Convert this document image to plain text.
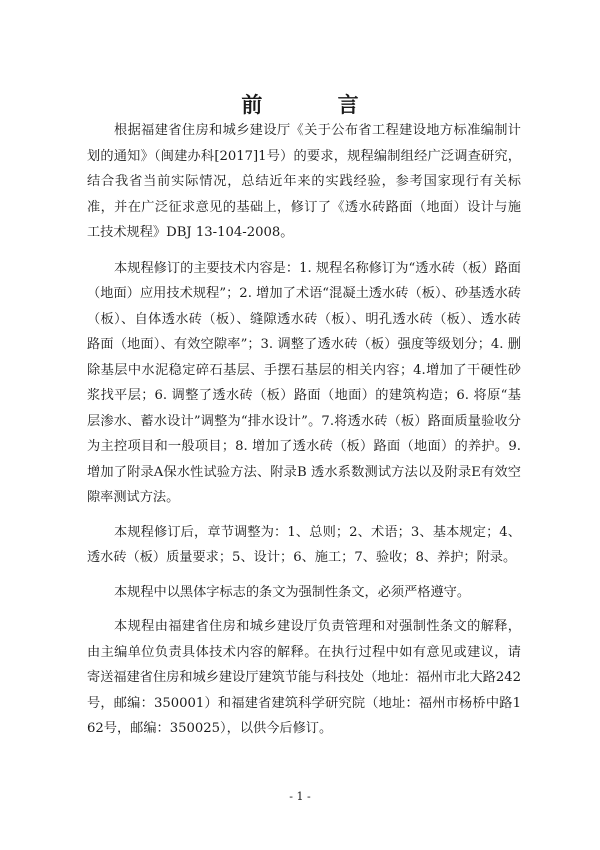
前 言

根据福建省住房和城乡建设厅《关于公布省工程建设地方标准编制计划的通知》（闽建办科[2017]1号）的要求，规程编制组经广泛调查研究，结合我省当前实际情况，总结近年来的实践经验，参考国家现行有关标准，并在广泛征求意见的基础上，修订了《透水砖路面（地面）设计与施工技术规程》DBJ 13-104-2008。

本规程修订的主要技术内容是：1. 规程名称修订为“透水砖（板）路面（地面）应用技术规程”；2. 增加了术语“混凝土透水砖（板）、砂基透水砖（板）、自体透水砖（板）、缝隙透水砖（板）、明孔透水砖（板）、透水砖路面（地面）、有效空隙率”；3. 调整了透水砖（板）强度等级划分；4. 删除基层中水泥稳定碎石基层、手摆石基层的相关内容；4.增加了干硬性砂浆找平层；6. 调整了透水砖（板）路面（地面）的建筑构造；6. 将原“基层渗水、蓄水设计”调整为“排水设计”。7.将透水砖（板）路面质量验收分为主控项目和一般项目；8. 增加了透水砖（板）路面（地面）的养护。9. 增加了附录A保水性试验方法、附录B 透水系数测试方法以及附录E有效空隙率测试方法。

本规程修订后，章节调整为：1、总则；2、术语；3、基本规定；4、透水砖（板）质量要求；5、设计；6、施工；7、验收；8、养护；附录。

本规程中以黑体字标志的条文为强制性条文，必须严格遵守。

本规程由福建省住房和城乡建设厅负责管理和对强制性条文的解释，由主编单位负责具体技术内容的解释。在执行过程中如有意见或建议，请寄送福建省住房和城乡建设厅建筑节能与科技处（地址：福州市北大路242号，邮编：350001）和福建省建筑科学研究院（地址：福州市杨桥中路162号，邮编：350025），以供今后修订。

- 1 -
